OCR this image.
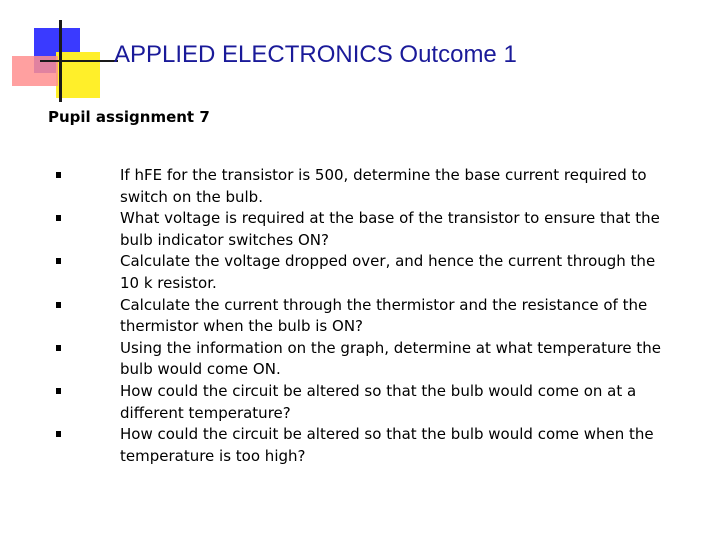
APPLIED ELECTRONICS Outcome 1
Pupil assignment 7
If hFE for the transistor is 500, determine the base current required to switch on the bulb.
What voltage is required at the base of the transistor to ensure that the bulb indicator switches ON?
Calculate the voltage dropped over, and hence the current through the 10 k resistor.
Calculate the current through the thermistor and the resistance of the thermistor when the bulb is ON?
Using the information on the graph, determine at what temperature the bulb would come ON.
How could the circuit be altered so that the bulb would come on at a different temperature?
How could the circuit be altered so that the bulb would come when the temperature is too high?
